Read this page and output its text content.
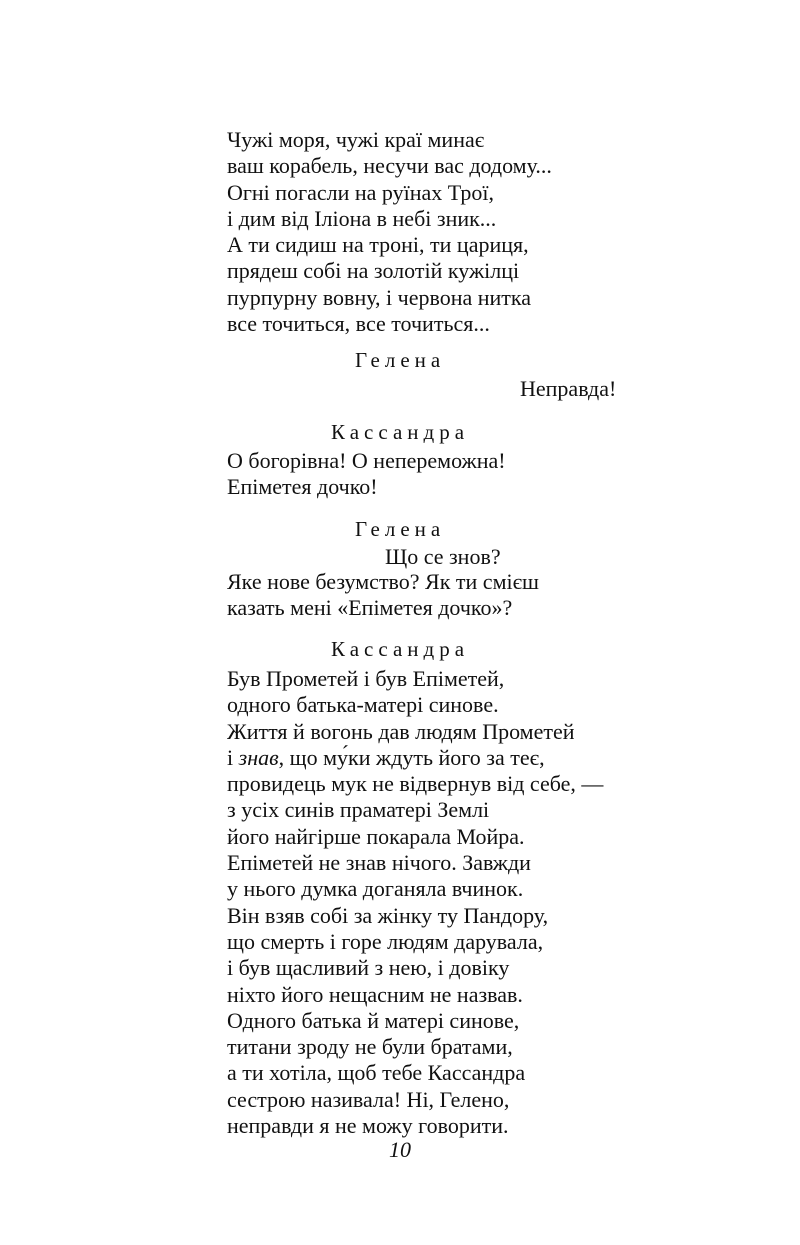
Чужі моря, чужі краї минає
ваш корабель, несучи вас додому...
Огні погасли на руїнах Трої,
і дим від Іліона в небі зник...
А ти сидиш на троні, ти цариця,
прядеш собі на золотій кужілці
пурпурну вовну, і червона нитка
все точиться, все точиться...
Гелена
Неправда!
Кассандра
О богорівна! О непереможна!
Епіметея дочко!
Гелена
Що се знов?
Яке нове безумство? Як ти смієш
казать мені «Епіметея дочко»?
Кассандра
Був Прометей і був Епіметей,
одного батька-матері синове.
Життя й вогонь дав людям Прометей
і знав, що му́ки ждуть його за теє,
провидець мук не відвернув від себе, —
з усіх синів праматері Землі
його найгірше покарала Мойра.
Епіметей не знав нічого. Завжди
у нього думка доганяла вчинок.
Він взяв собі за жінку ту Пандору,
що смерть і горе людям дарувала,
і був щасливий з нею, і довіку
ніхто його нещасним не назвав.
Одного батька й матері синове,
титани зроду не були братами,
а ти хотіла, щоб тебе Кассандра
сестрою називала! Ні, Гелено,
неправди я не можу говорити.
10
